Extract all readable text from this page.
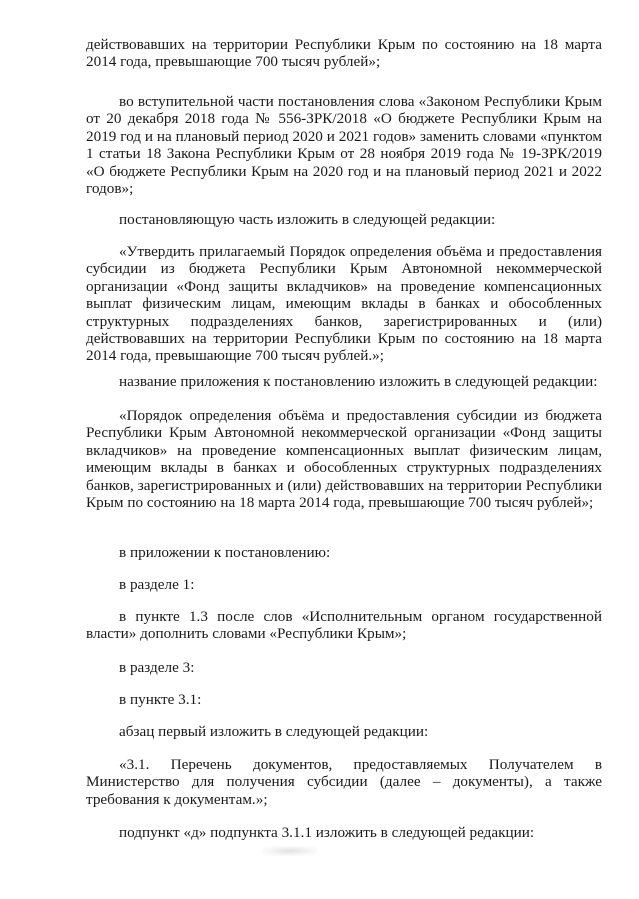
действовавших на территории Республики Крым по состоянию на 18 марта 2014 года, превышающие 700 тысяч рублей»;

во вступительной части постановления слова «Законом Республики Крым от 20 декабря 2018 года № 556-ЗРК/2018 «О бюджете Республики Крым на 2019 год и на плановый период 2020 и 2021 годов» заменить словами «пунктом 1 статьи 18 Закона Республики Крым от 28 ноября 2019 года № 19-ЗРК/2019 «О бюджете Республики Крым на 2020 год и на плановый период 2021 и 2022 годов»;

постановляющую часть изложить в следующей редакции:

«Утвердить прилагаемый Порядок определения объёма и предоставления субсидии из бюджета Республики Крым Автономной некоммерческой организации «Фонд защиты вкладчиков» на проведение компенсационных выплат физическим лицам, имеющим вклады в банках и обособленных структурных подразделениях банков, зарегистрированных и (или) действовавших на территории Республики Крым по состоянию на 18 марта 2014 года, превышающие 700 тысяч рублей.»;

название приложения к постановлению изложить в следующей редакции:

«Порядок определения объёма и предоставления субсидии из бюджета Республики Крым Автономной некоммерческой организации «Фонд защиты вкладчиков» на проведение компенсационных выплат физическим лицам, имеющим вклады в банках и обособленных структурных подразделениях банков, зарегистрированных и (или) действовавших на территории Республики Крым по состоянию на 18 марта 2014 года, превышающие 700 тысяч рублей»;

в приложении к постановлению:

в разделе 1:

в пункте 1.3 после слов «Исполнительным органом государственной власти» дополнить словами «Республики Крым»;

в разделе 3:

в пункте 3.1:

абзац первый изложить в следующей редакции:

«3.1. Перечень документов, предоставляемых Получателем в Министерство для получения субсидии (далее – документы), а также требования к документам.»;

подпункт «д» подпункта 3.1.1 изложить в следующей редакции:
